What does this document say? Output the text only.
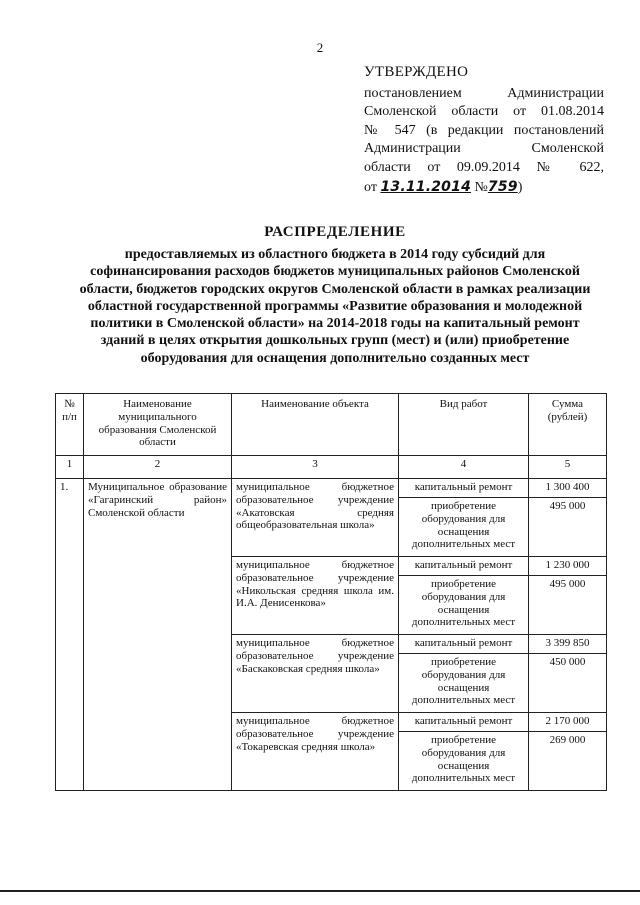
2
УТВЕРЖДЕНО
постановлением Администрации
Смоленской области от 01.08.2014
№ 547 (в редакции постановлений
Администрации Смоленской
области от 09.09.2014 № 622,
от 13.11.2014 №759)
РАСПРЕДЕЛЕНИЕ
предоставляемых из областного бюджета в 2014 году субсидий для софинансирования расходов бюджетов муниципальных районов Смоленской области, бюджетов городских округов Смоленской области в рамках реализации областной государственной программы «Развитие образования и молодежной политики в Смоленской области» на 2014-2018 годы на капитальный ремонт зданий в целях открытия дошкольных групп (мест) и (или) приобретение оборудования для оснащения дополнительно созданных мест
№ п/п	Наименование муниципального образования Смоленской области	Наименование объекта	Вид работ	Сумма (рублей)
1	2	3	4	5
1.	Муниципальное образование «Гагаринский район» Смоленской области	муниципальное бюджетное образовательное учреждение «Акатовская средняя общеобразовательная школа»	капитальный ремонт	1 300 400
			приобретение оборудования для оснащения дополнительных мест	495 000
		муниципальное бюджетное образовательное учреждение «Никольская средняя школа им. И.А. Денисенкова»	капитальный ремонт	1 230 000
			приобретение оборудования для оснащения дополнительных мест	495 000
		муниципальное бюджетное образовательное учреждение «Баскаковская средняя школа»	капитальный ремонт	3 399 850
			приобретение оборудования для оснащения дополнительных мест	450 000
		муниципальное бюджетное образовательное учреждение «Токаревская средняя школа»	капитальный ремонт	2 170 000
			приобретение оборудования для оснащения дополнительных мест	269 000
